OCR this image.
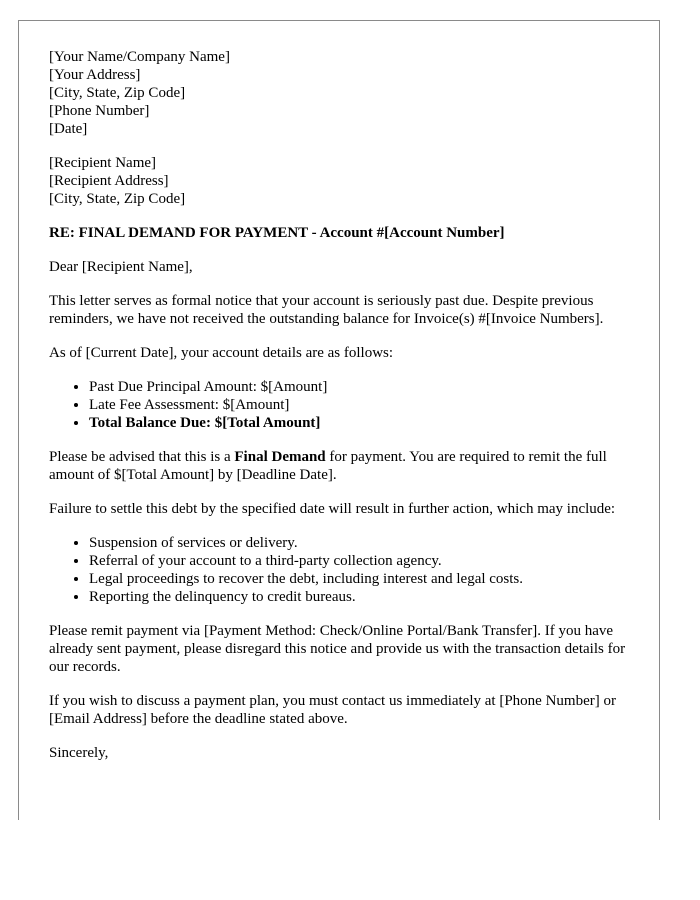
[Your Name/Company Name]
[Your Address]
[City, State, Zip Code]
[Phone Number]
[Date]
[Recipient Name]
[Recipient Address]
[City, State, Zip Code]

RE: FINAL DEMAND FOR PAYMENT - Account #[Account Number]

Dear [Recipient Name],

This letter serves as formal notice that your account is seriously past due. Despite previous reminders, we have not received the outstanding balance for Invoice(s) #[Invoice Numbers].

As of [Current Date], your account details are as follows:

• Past Due Principal Amount: $[Amount]
• Late Fee Assessment: $[Amount]
• Total Balance Due: $[Total Amount]

Please be advised that this is a Final Demand for payment. You are required to remit the full amount of $[Total Amount] by [Deadline Date].

Failure to settle this debt by the specified date will result in further action, which may include:

• Suspension of services or delivery.
• Referral of your account to a third-party collection agency.
• Legal proceedings to recover the debt, including interest and legal costs.
• Reporting the delinquency to credit bureaus.

Please remit payment via [Payment Method: Check/Online Portal/Bank Transfer]. If you have already sent payment, please disregard this notice and provide us with the transaction details for our records.

If you wish to discuss a payment plan, you must contact us immediately at [Phone Number] or [Email Address] before the deadline stated above.

Sincerely,
